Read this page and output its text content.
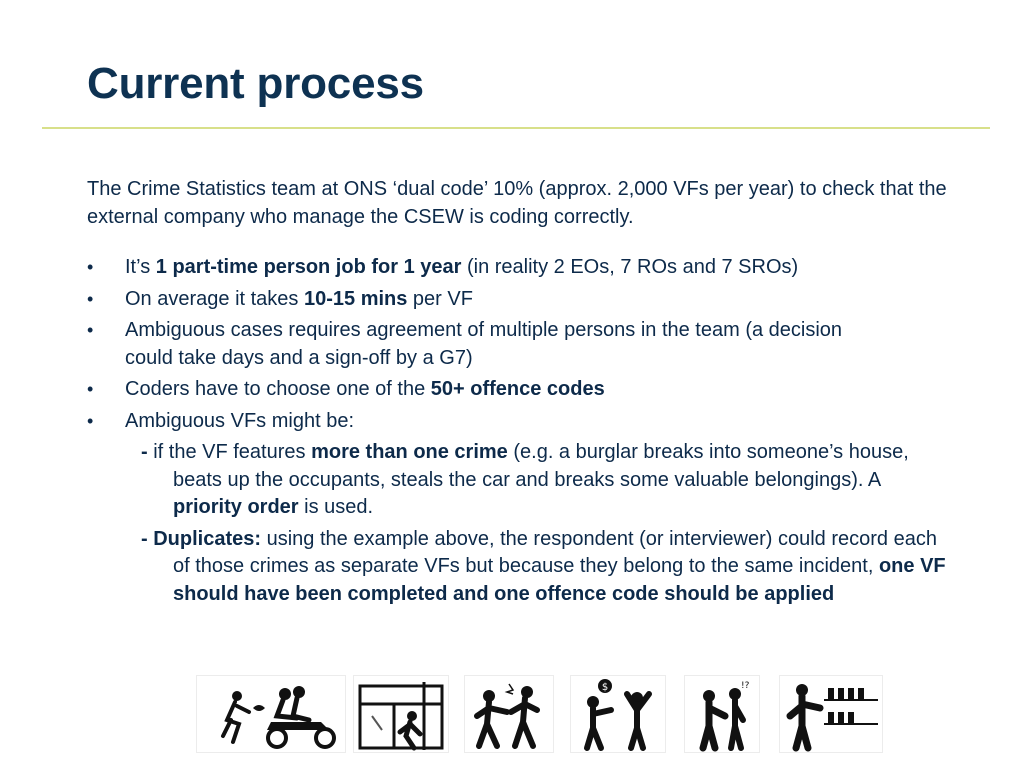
Current process

The Crime Statistics team at ONS ‘dual code’ 10% (approx. 2,000 VFs per year) to check that the external company who manage the CSEW is coding correctly.

• It’s 1 part-time person job for 1 year (in reality 2 EOs, 7 ROs and 7 SROs)
• On average it takes 10-15 mins per VF
• Ambiguous cases requires agreement of multiple persons in the team (a decision could take days and a sign-off by a G7)
• Coders have to choose one of the 50+ offence codes
• Ambiguous VFs might be:
- if the VF features more than one crime (e.g. a burglar breaks into someone’s house, beats up the occupants, steals the car and breaks some valuable belongings). A priority order is used.
- Duplicates: using the example above, the respondent (or interviewer) could record each of those crimes as separate VFs but because they belong to the same incident, one VF should have been completed and one offence code should be applied
$	!?
